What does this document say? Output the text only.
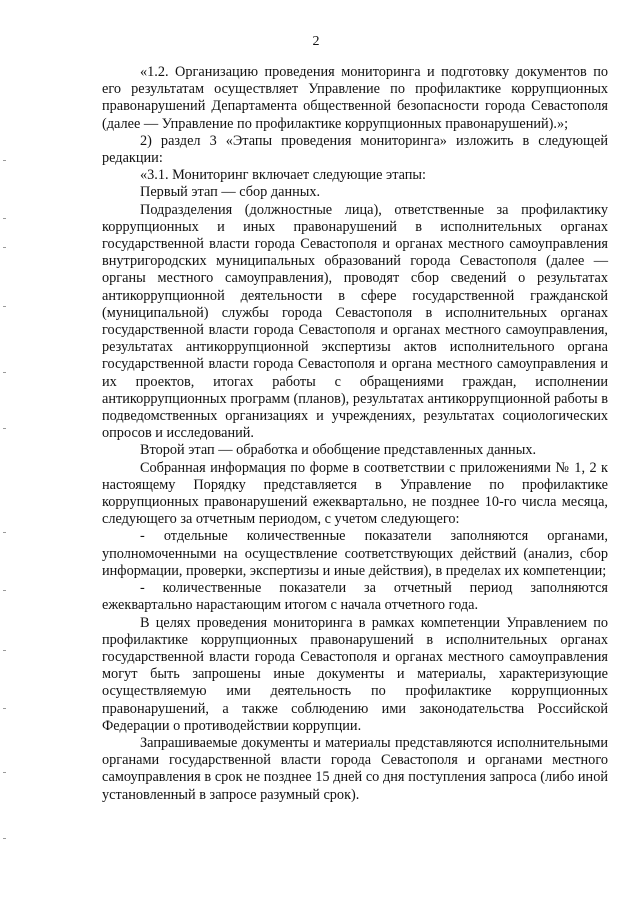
2

«1.2. Организацию проведения мониторинга и подготовку документов по его результатам осуществляет Управление по профилактике коррупционных правонарушений Департамента общественной безопасности города Севастополя (далее — Управление по профилактике коррупционных правонарушений).»;

2) раздел 3 «Этапы проведения мониторинга» изложить в следующей редакции:

«3.1. Мониторинг включает следующие этапы:

Первый этап — сбор данных.

Подразделения (должностные лица), ответственные за профилактику коррупционных и иных правонарушений в исполнительных органах государственной власти города Севастополя и органах местного самоуправления внутригородских муниципальных образований города Севастополя (далее — органы местного самоуправления), проводят сбор сведений о результатах антикоррупционной деятельности в сфере государственной гражданской (муниципальной) службы города Севастополя в исполнительных органах государственной власти города Севастополя и органах местного самоуправления, результатах антикоррупционной экспертизы актов исполнительного органа государственной власти города Севастополя и органа местного самоуправления и их проектов, итогах работы с обращениями граждан, исполнении антикоррупционных программ (планов), результатах антикоррупционной работы в подведомственных организациях и учреждениях, результатах социологических опросов и исследований.

Второй этап — обработка и обобщение представленных данных.

Собранная информация по форме в соответствии с приложениями № 1, 2 к настоящему Порядку представляется в Управление по профилактике коррупционных правонарушений ежеквартально, не позднее 10-го числа месяца, следующего за отчетным периодом, с учетом следующего:

- отдельные количественные показатели заполняются органами, уполномоченными на осуществление соответствующих действий (анализ, сбор информации, проверки, экспертизы и иные действия), в пределах их компетенции;

- количественные показатели за отчетный период заполняются ежеквартально нарастающим итогом с начала отчетного года.

В целях проведения мониторинга в рамках компетенции Управлением по профилактике коррупционных правонарушений в исполнительных органах государственной власти города Севастополя и органах местного самоуправления могут быть запрошены иные документы и материалы, характеризующие осуществляемую ими деятельность по профилактике коррупционных правонарушений, а также соблюдению ими законодательства Российской Федерации о противодействии коррупции.

Запрашиваемые документы и материалы представляются исполнительными органами государственной власти города Севастополя и органами местного самоуправления в срок не позднее 15 дней со дня поступления запроса (либо иной установленный в запросе разумный срок).
